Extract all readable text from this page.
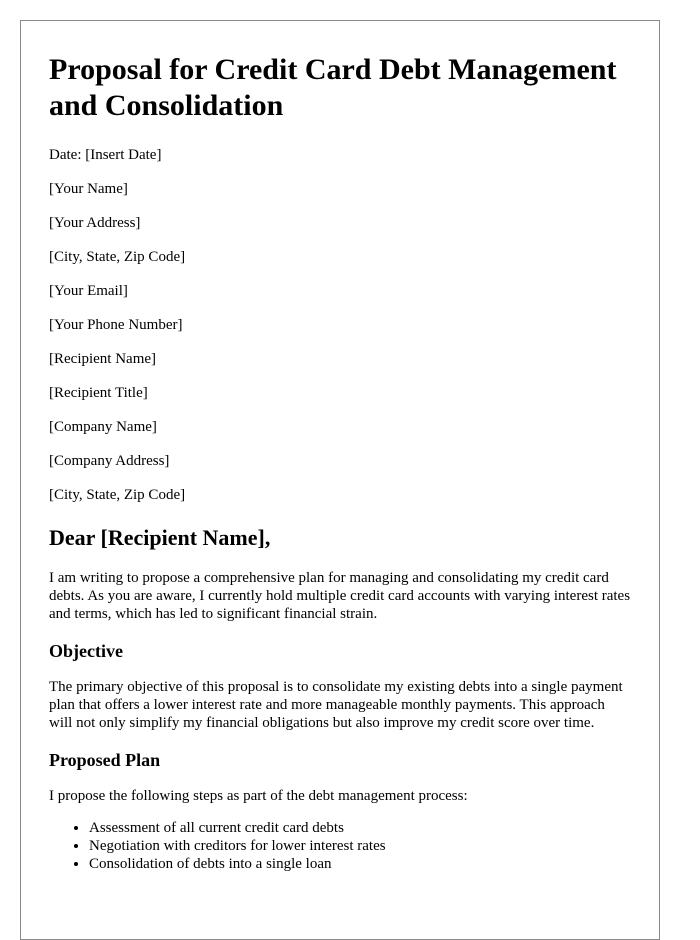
Proposal for Credit Card Debt Management and Consolidation
Date: [Insert Date]
[Your Name]
[Your Address]
[City, State, Zip Code]
[Your Email]
[Your Phone Number]
[Recipient Name]
[Recipient Title]
[Company Name]
[Company Address]
[City, State, Zip Code]
Dear [Recipient Name],

I am writing to propose a comprehensive plan for managing and consolidating my credit card debts. As you are aware, I currently hold multiple credit card accounts with varying interest rates and terms, which has led to significant financial strain.

Objective

The primary objective of this proposal is to consolidate my existing debts into a single payment plan that offers a lower interest rate and more manageable monthly payments. This approach will not only simplify my financial obligations but also improve my credit score over time.

Proposed Plan

I propose the following steps as part of the debt management process:

• Assessment of all current credit card debts
• Negotiation with creditors for lower interest rates
• Consolidation of debts into a single loan
